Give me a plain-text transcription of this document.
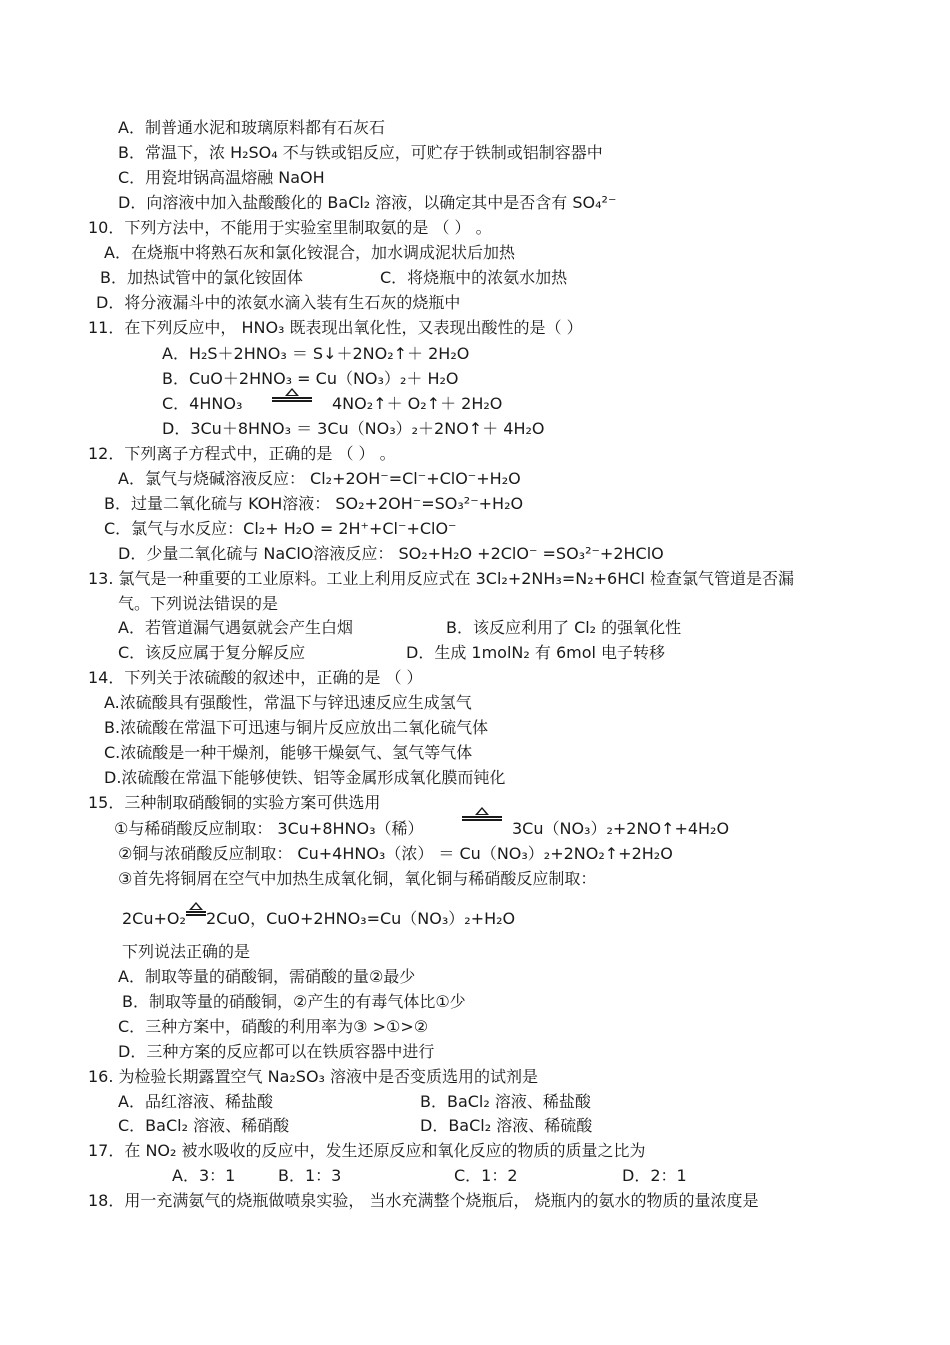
A．制普通水泥和玻璃原料都有石灰石
B．常温下，浓 H₂SO₄ 不与铁或铝反应，可贮存于铁制或铝制容器中
C．用瓷坩锅高温熔融 NaOH
D．向溶液中加入盐酸酸化的 BaCl₂ 溶液，以确定其中是否含有 SO₄²⁻
10．下列方法中，不能用于实验室里制取氨的是 （ ） 。
A．在烧瓶中将熟石灰和氯化铵混合，加水调成泥状后加热
B．加热试管中的氯化铵固体	C．将烧瓶中的浓氨水加热
D．将分液漏斗中的浓氨水滴入装有生石灰的烧瓶中
11．在下列反应中， HNO₃ 既表现出氧化性，又表现出酸性的是（ ）
A．H₂S＋2HNO₃ ＝ S↓＋2NO₂↑＋ 2H₂O
B．CuO＋2HNO₃ = Cu（NO₃）₂＋ H₂O
C．4HNO₃	4NO₂↑＋ O₂↑＋ 2H₂O
D．3Cu＋8HNO₃ ＝ 3Cu（NO₃）₂＋2NO↑＋ 4H₂O
12．下列离子方程式中，正确的是 （ ） 。
A．氯气与烧碱溶液反应： Cl₂+2OH⁻=Cl⁻+ClO⁻+H₂O
B．过量二氧化硫与 KOH溶液： SO₂+2OH⁻=SO₃²⁻+H₂O
C．氯气与水反应：Cl₂+ H₂O = 2H⁺+Cl⁻+ClO⁻
D．少量二氧化硫与 NaClO溶液反应： SO₂+H₂O +2ClO⁻ =SO₃²⁻+2HClO
13. 氯气是一种重要的工业原料。工业上利用反应式在 3Cl₂+2NH₃=N₂+6HCl 检查氯气管道是否漏
气。下列说法错误的是
A．若管道漏气遇氨就会产生白烟	B．该反应利用了 Cl₂ 的强氧化性
C．该反应属于复分解反应	D．生成 1molN₂ 有 6mol 电子转移
14．下列关于浓硫酸的叙述中，正确的是 （ ）
A.浓硫酸具有强酸性，常温下与锌迅速反应生成氢气
B.浓硫酸在常温下可迅速与铜片反应放出二氧化硫气体
C.浓硫酸是一种干燥剂，能够干燥氨气、氢气等气体
D.浓硫酸在常温下能够使铁、铝等金属形成氧化膜而钝化
15．三种制取硝酸铜的实验方案可供选用
①与稀硝酸反应制取： 3Cu+8HNO₃（稀）	3Cu（NO₃）₂+2NO↑+4H₂O
②铜与浓硝酸反应制取： Cu+4HNO₃（浓） ＝ Cu（NO₃）₂+2NO₂↑+2H₂O
③首先将铜屑在空气中加热生成氧化铜，氧化铜与稀硝酸反应制取：
2Cu+O₂ 2CuO，CuO+2HNO₃=Cu（NO₃）₂+H₂O
下列说法正确的是
A．制取等量的硝酸铜，需硝酸的量②最少
B．制取等量的硝酸铜，②产生的有毒气体比①少
C．三种方案中，硝酸的利用率为③ >①>②
D．三种方案的反应都可以在铁质容器中进行
16. 为检验长期露置空气 Na₂SO₃ 溶液中是否变质选用的试剂是
A．品红溶液、稀盐酸	B．BaCl₂ 溶液、稀盐酸
C．BaCl₂ 溶液、稀硝酸	D．BaCl₂ 溶液、稀硫酸
17．在 NO₂ 被水吸收的反应中，发生还原反应和氧化反应的物质的质量之比为
A．3：1	B．1：3	C．1：2	D．2：1
18．用一充满氨气的烧瓶做喷泉实验， 当水充满整个烧瓶后， 烧瓶内的氨水的物质的量浓度是
